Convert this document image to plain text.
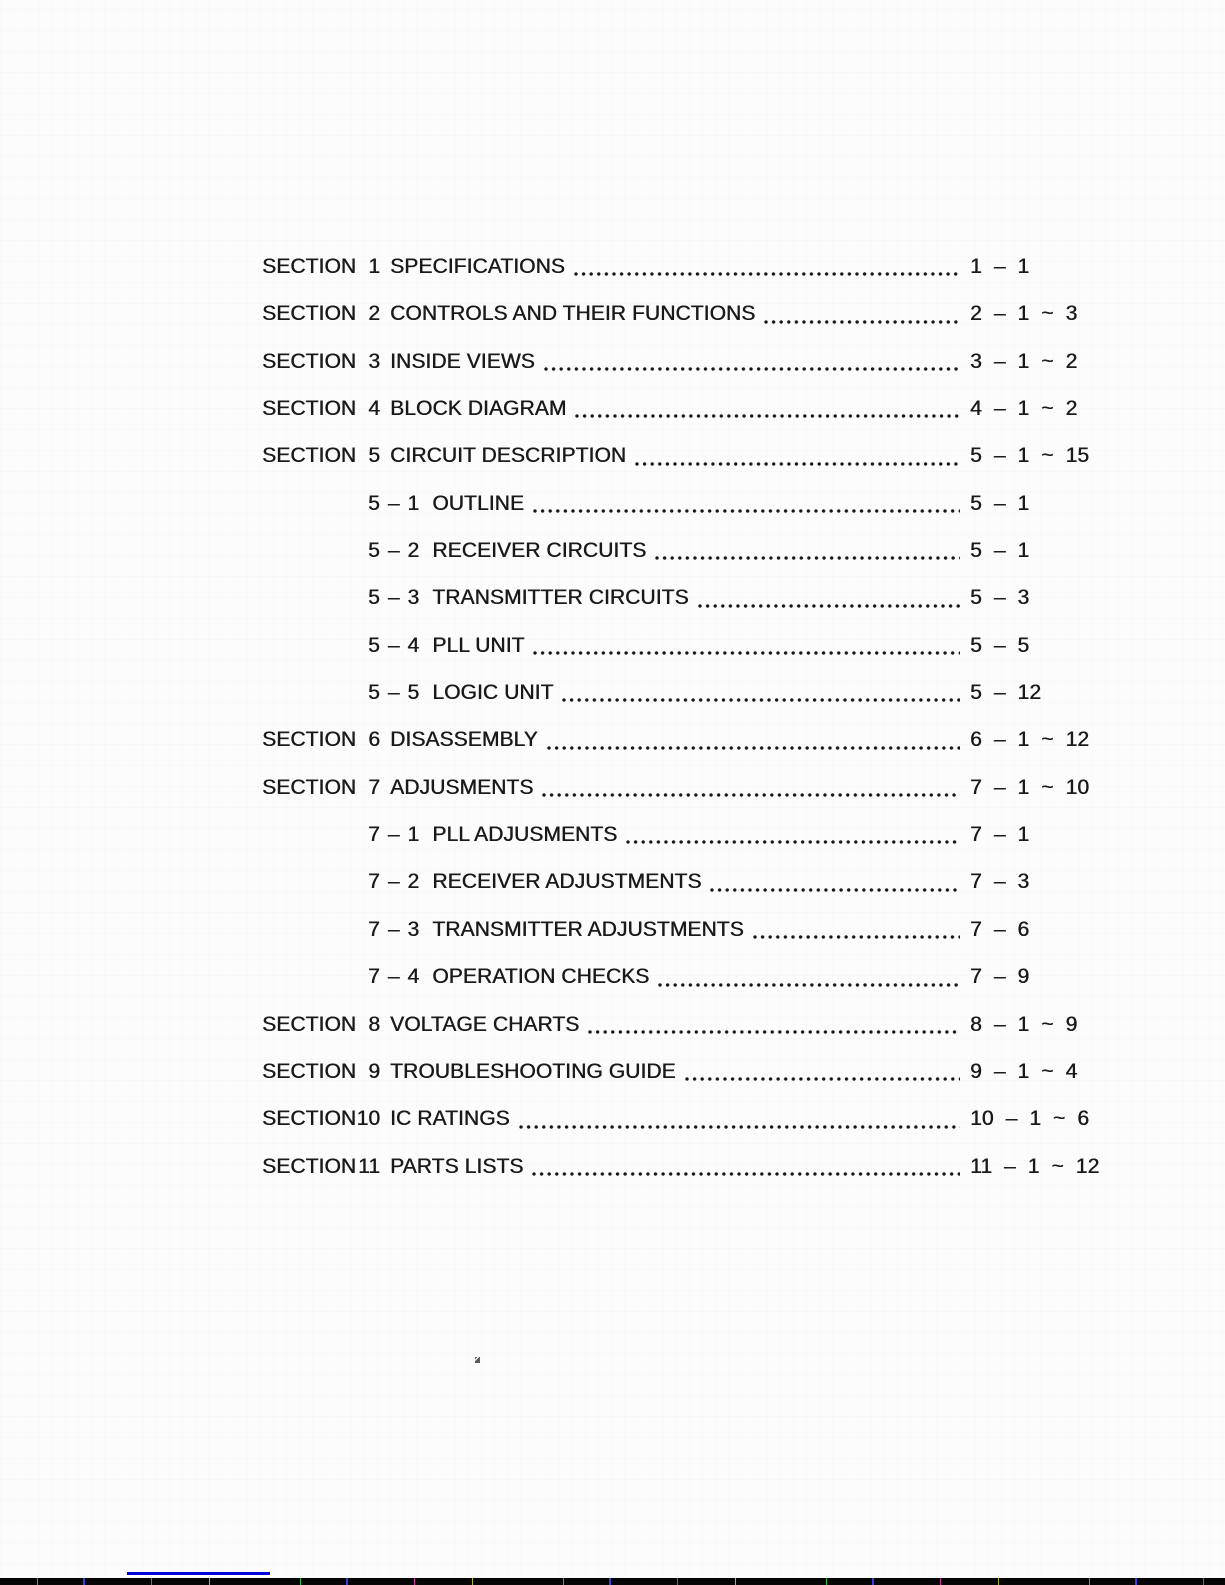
SECTION 1 SPECIFICATIONS	1 – 1
SECTION 2 CONTROLS AND THEIR FUNCTIONS	2 – 1 ~ 3
SECTION 3 INSIDE VIEWS	3 – 1 ~ 2
SECTION 4 BLOCK DIAGRAM	4 – 1 ~ 2
SECTION 5 CIRCUIT DESCRIPTION	5 – 1 ~ 15
5 – 1 OUTLINE	5 – 1
5 – 2 RECEIVER CIRCUITS	5 – 1
5 – 3 TRANSMITTER CIRCUITS	5 – 3
5 – 4 PLL UNIT	5 – 5
5 – 5 LOGIC UNIT	5 – 12
SECTION 6 DISASSEMBLY	6 – 1 ~ 12
SECTION 7 ADJUSMENTS	7 – 1 ~ 10
7 – 1 PLL ADJUSMENTS	7 – 1
7 – 2 RECEIVER ADJUSTMENTS	7 – 3
7 – 3 TRANSMITTER ADJUSTMENTS	7 – 6
7 – 4 OPERATION CHECKS	7 – 9
SECTION 8 VOLTAGE CHARTS	8 – 1 ~ 9
SECTION 9 TROUBLESHOOTING GUIDE	9 – 1 ~ 4
SECTION 10 IC RATINGS	10 – 1 ~ 6
SECTION 11 PARTS LISTS	11 – 1 ~ 12
